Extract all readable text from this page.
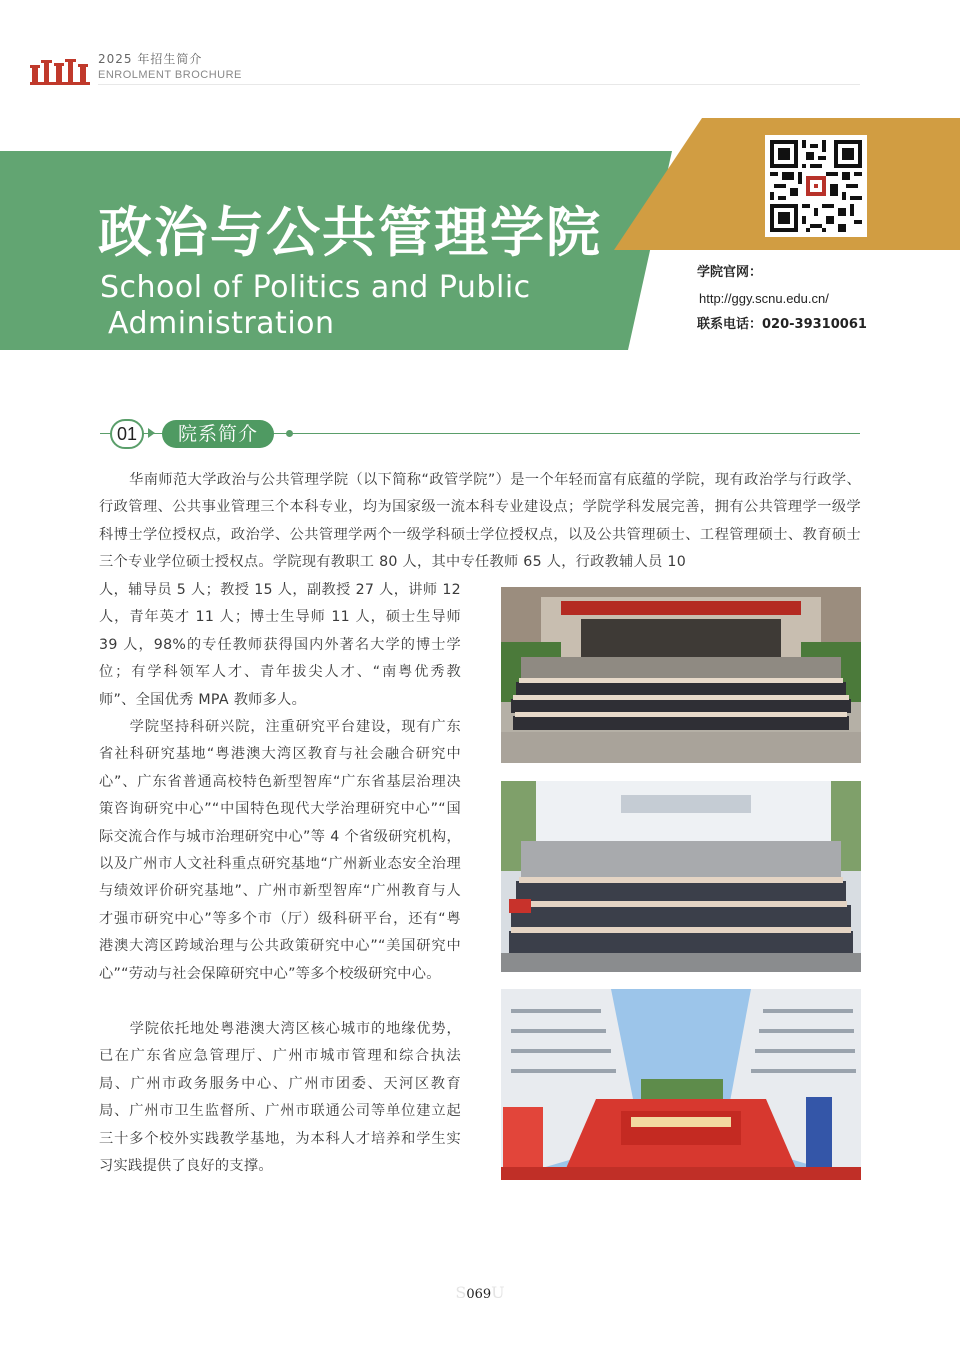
2025 年招生简介
ENROLMENT BROCHURE
政治与公共管理学院
School of Politics and Public
Administration
学院官网：
http://ggy.scnu.edu.cn/
联系电话：020-39310061
01	院系简介
华南师范大学政治与公共管理学院（以下简称“政管学院”）是一个年轻而富有底蕴的学院，现有政治学与行政学、行政管理、公共事业管理三个本科专业，均为国家级一流本科专业建设点；学院学科发展完善，拥有公共管理学一级学科博士学位授权点，政治学、公共管理学两个一级学科硕士学位授权点，以及公共管理硕士、工程管理硕士、教育硕士三个专业学位硕士授权点。学院现有教职工 80 人，其中专任教师 65 人，行政教辅人员 10
人，辅导员 5 人；教授 15 人，副教授 27 人，讲师 12 人，青年英才 11 人；博士生导师 11 人，硕士生导师 39 人，98%的专任教师获得国内外著名大学的博士学位；有学科领军人才、青年拔尖人才、“南粤优秀教师”、全国优秀 MPA 教师多人。
学院坚持科研兴院，注重研究平台建设，现有广东省社科研究基地“粤港澳大湾区教育与社会融合研究中心”、广东省普通高校特色新型智库“广东省基层治理决策咨询研究中心”“中国特色现代大学治理研究中心”“国际交流合作与城市治理研究中心”等 4 个省级研究机构，以及广州市人文社科重点研究基地“广州新业态安全治理与绩效评价研究基地”、广州市新型智库“广州教育与人才强市研究中心”等多个市（厅）级科研平台，还有“粤港澳大湾区跨域治理与公共政策研究中心”“美国研究中心”“劳动与社会保障研究中心”等多个校级研究中心。
学院依托地处粤港澳大湾区核心城市的地缘优势，已在广东省应急管理厅、广州市城市管理和综合执法局、广州市政务服务中心、广州市团委、天河区教育局、广州市卫生监督所、广州市联通公司等单位建立起三十多个校外实践教学基地，为本科人才培养和学生实习实践提供了良好的支撑。
S069U
